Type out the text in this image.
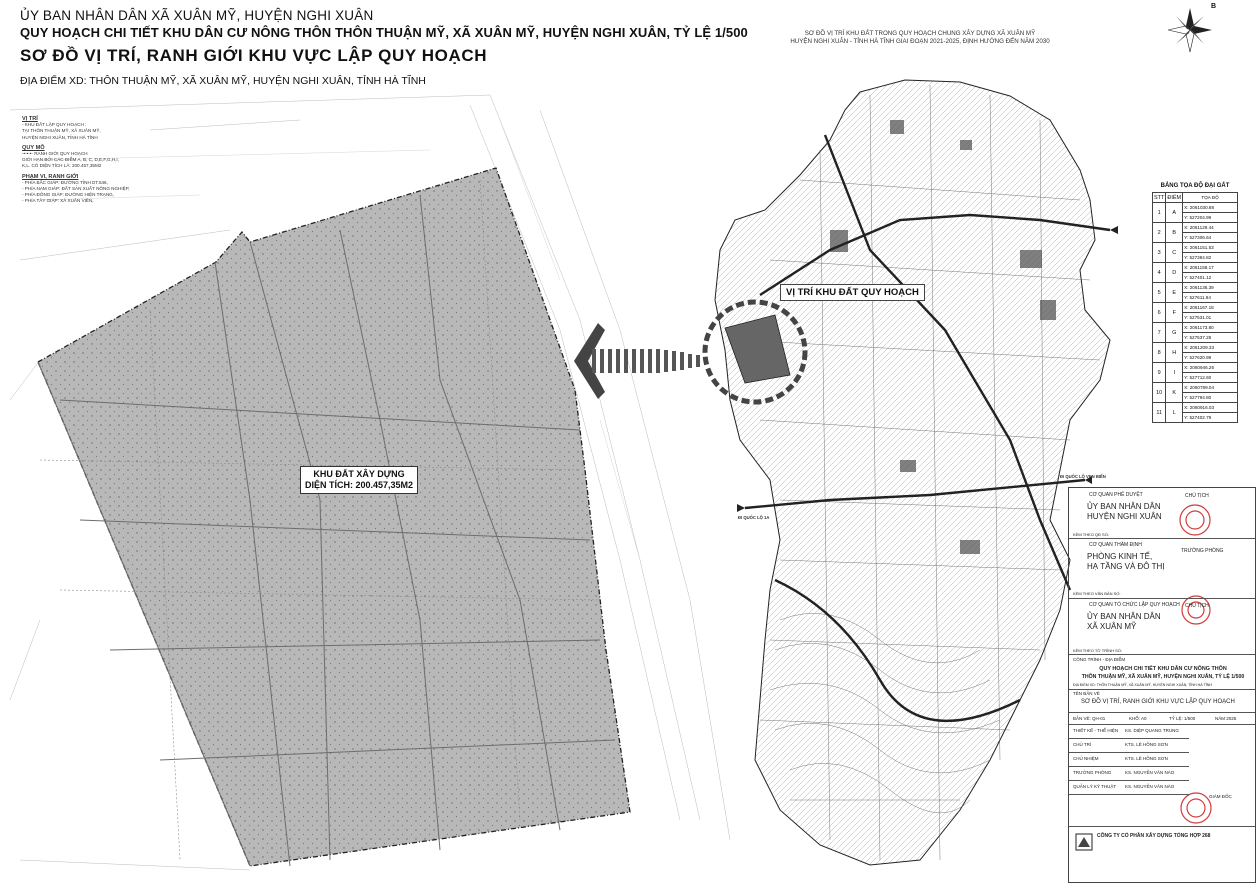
ỦY BAN NHÂN DÂN XÃ XUÂN MỸ, HUYỆN NGHI XUÂN
QUY HOẠCH CHI TIẾT KHU DÂN CƯ NÔNG THÔN THÔN THUẬN MỸ, XÃ XUÂN MỸ, HUYỆN NGHI XUÂN, TỶ LỆ 1/500
SƠ ĐỒ VỊ TRÍ, RANH GIỚI KHU VỰC LẬP QUY HOẠCH
ĐỊA ĐIỂM XD: THÔN THUẬN MỸ, XÃ XUÂN MỸ, HUYỆN NGHI XUÂN, TỈNH HÀ TĨNH
VỊ TRÍ
- KHU ĐẤT LẬP QUY HOẠCH :
TẠI THÔN THUẬN MỸ, XÃ XUÂN MỸ,
HUYỆN NGHI XUÂN, TỈNH HÀ TĨNH
QUY MÔ
-•-•-•- RANH GIỚI QUY HOẠCH
GIỚI HẠN BỞI CÁC ĐIỂM A, B, C, D,E,F,G,H,I,
K,L. CÓ DIỆN TÍCH LÀ: 200.457,35M2
PHẠM VI, RANH GIỚI
- PHÍA BẮC GIÁP: ĐƯỜNG TỈNH DT.546,
- PHÍA NAM GIÁP: ĐẤT SẢN XUẤT NÔNG NGHIỆP,
- PHÍA ĐÔNG GIÁP: ĐƯỜNG HIỆN TRẠNG,
- PHÍA TÂY GIÁP: XÃ XUÂN VIÊN,
KHU ĐẤT XÂY DỰNG
DIỆN TÍCH: 200.457,35M2
SƠ ĐỒ VỊ TRÍ KHU ĐẤT TRONG QUY HOẠCH CHUNG XÂY DỰNG XÃ XUÂN MỸ
HUYỆN NGHI XUÂN - TỈNH HÀ TĨNH GIAI ĐOẠN 2021-2025, ĐỊNH HƯỚNG ĐẾN NĂM 2030
VỊ TRÍ KHU ĐẤT QUY HOẠCH
ĐI QUỐC LỘ VEN BIỂN
ĐI QUỐC LỘ 1A
B
BẢNG TỌA ĐỘ ĐẠI GẤT
STT	ĐIỂM	TỌA ĐỘ
1	A	X: 2061030.88
		Y: 527204.99
2	B	X: 2061129.44
		Y: 527306.64
3	C	X: 2061151.53
		Y: 527384.82
4	D	X: 2061158.17
		Y: 527401.12
5	E	X: 2061136.39
		Y: 527611.94
6	F	X: 2061167.18
		Y: 527531.01
7	G	X: 2061173.80
		Y: 527537.28
8	H	X: 2061209.33
		Y: 527620.99
9	I	X: 2060946.26
		Y: 527712.60
10	K	X: 2060789.04
		Y: 527794.80
11	L	X: 2060916.03
		Y: 527402.79
CƠ QUAN PHÊ DUYỆT
ỦY BAN NHÂN DÂN
HUYỆN NGHI XUÂN
CHỦ TỊCH
KÈM THEO QĐ SỐ:
CƠ QUAN THẨM ĐỊNH
PHÒNG KINH TẾ,
HẠ TẦNG VÀ ĐÔ THỊ
TRƯỞNG PHÒNG
KÈM THEO VĂN BẢN SỐ:
CƠ QUAN TỔ CHỨC LẬP QUY HOẠCH
ỦY BAN NHÂN DÂN
XÃ XUÂN MỸ
CHỦ TỊCH
KÈM THEO TỜ TRÌNH SỐ:
CÔNG TRÌNH - ĐỊA ĐIỂM
QUY HOẠCH CHI TIẾT KHU DÂN CƯ NÔNG THÔN
THÔN THUẬN MỸ, XÃ XUÂN MỸ, HUYỆN NGHI XUÂN, TỶ LỆ 1/500
ĐỊA ĐIỂM XD: THÔN THUẬN MỸ, XÃ XUÂN MỸ, HUYỆN NGHI XUÂN, TỈNH HÀ TĨNH
TÊN BẢN VẼ
SƠ ĐỒ VỊ TRÍ, RANH GIỚI KHU VỰC LẬP QUY HOẠCH
BẢN VẼ: QH-01	KHỔ: A0	TỶ LỆ: 1/500	NĂM 2025
THIẾT KẾ - THỂ HIỆN KS. DIỆP QUANG TRUNG
CHỦ TRÌ	KTS. LÊ HỒNG SƠN
CHỦ NHIỆM	KTS. LÊ HỒNG SƠN
TRƯỞNG PHÒNG	KS. NGUYỄN VĂN NÀO
QUẢN LÝ KỸ THUẬT KS. NGUYỄN VĂN NÀO
GIÁM ĐỐC
CÔNG TY CỔ PHẦN XÂY DỰNG TỔNG HỢP 268
